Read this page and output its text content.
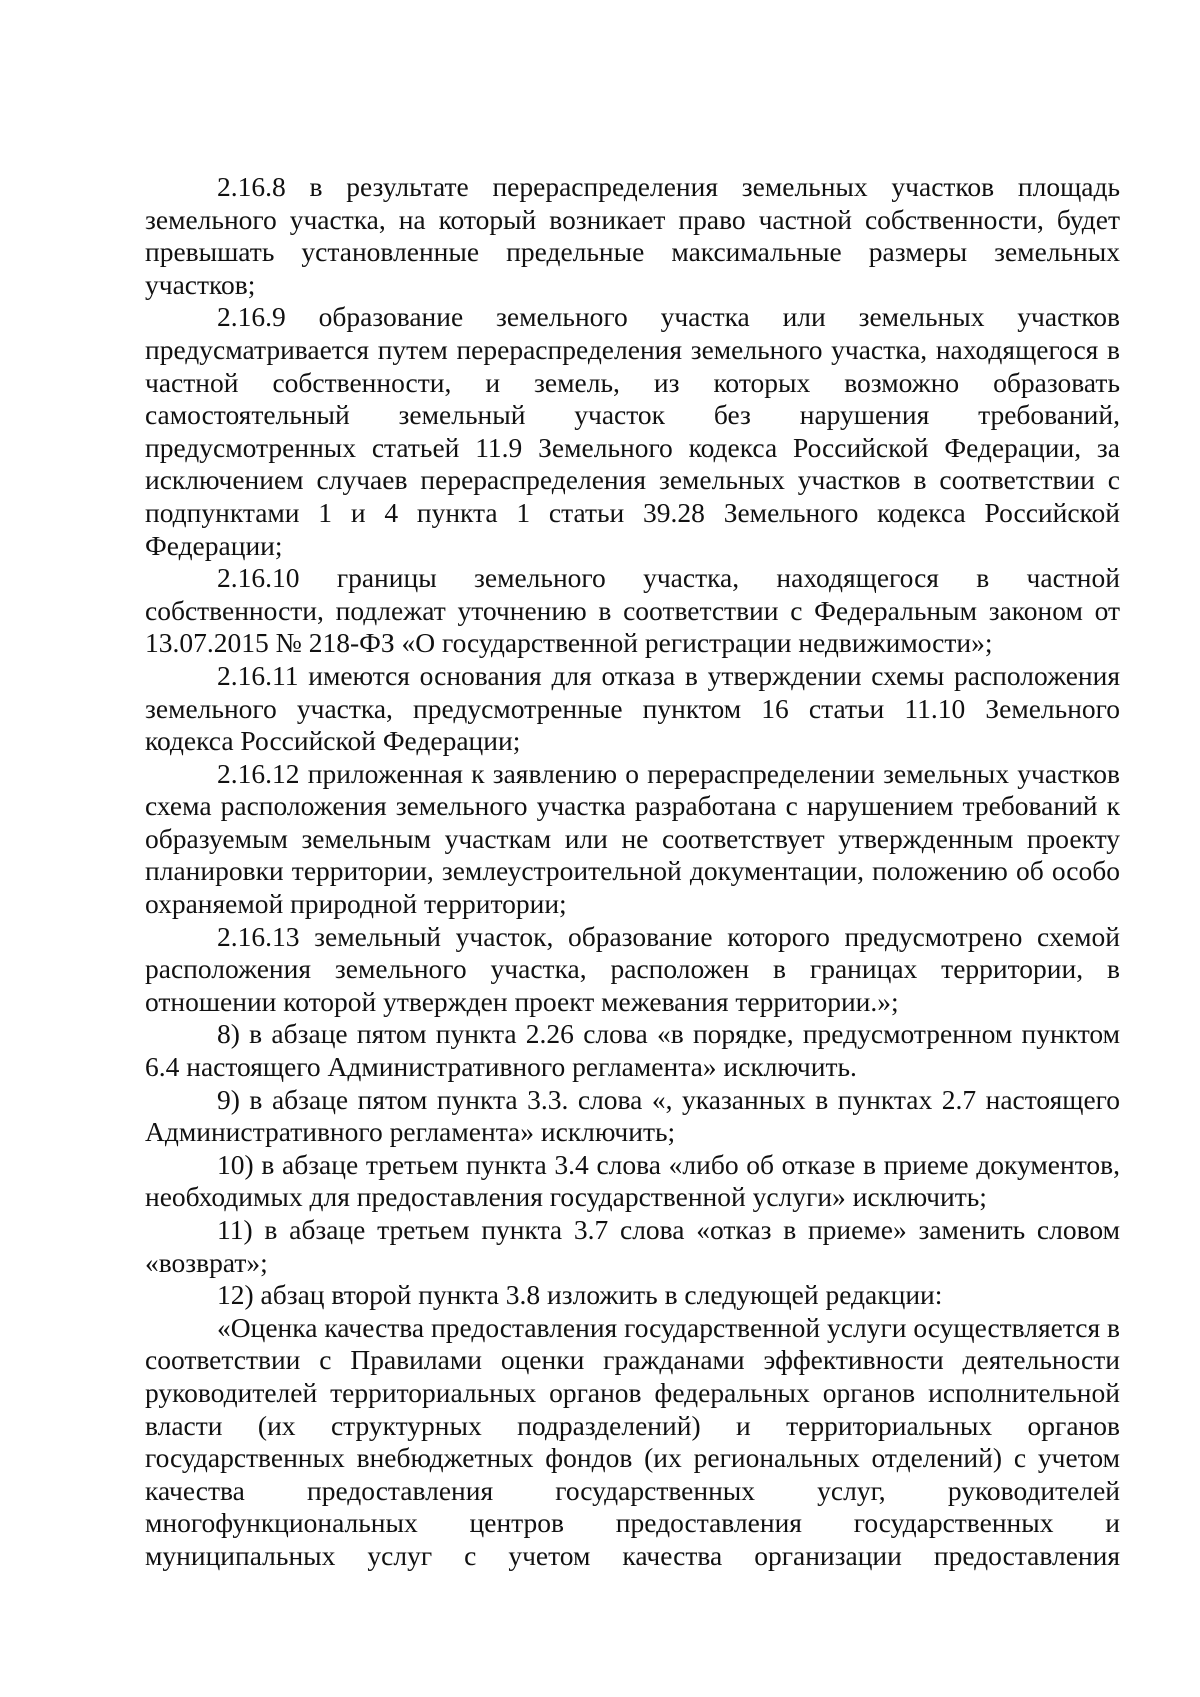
2.16.8 в результате перераспределения земельных участков площадь земельного участка, на который возникает право частной собственности, будет превышать установленные предельные максимальные размеры земельных участков;

2.16.9 образование земельного участка или земельных участков предусматривается путем перераспределения земельного участка, находящегося в частной собственности, и земель, из которых возможно образовать самостоятельный земельный участок без нарушения требований, предусмотренных статьей 11.9 Земельного кодекса Российской Федерации, за исключением случаев перераспределения земельных участков в соответствии с подпунктами 1 и 4 пункта 1 статьи 39.28 Земельного кодекса Российской Федерации;

2.16.10 границы земельного участка, находящегося в частной собственности, подлежат уточнению в соответствии с Федеральным законом от 13.07.2015 № 218-ФЗ «О государственной регистрации недвижимости»;

2.16.11 имеются основания для отказа в утверждении схемы расположения земельного участка, предусмотренные пунктом 16 статьи 11.10 Земельного кодекса Российской Федерации;

2.16.12 приложенная к заявлению о перераспределении земельных участков схема расположения земельного участка разработана с нарушением требований к образуемым земельным участкам или не соответствует утвержденным проекту планировки территории, землеустроительной документации, положению об особо охраняемой природной территории;

2.16.13 земельный участок, образование которого предусмотрено схемой расположения земельного участка, расположен в границах территории, в отношении которой утвержден проект межевания территории.»;

8) в абзаце пятом пункта 2.26 слова «в порядке, предусмотренном пунктом 6.4 настоящего Административного регламента» исключить.

9) в абзаце пятом пункта 3.3. слова «, указанных в пунктах 2.7 настоящего Административного регламента» исключить;

10) в абзаце третьем пункта 3.4 слова «либо об отказе в приеме документов, необходимых для предоставления государственной услуги» исключить;

11) в абзаце третьем пункта 3.7 слова «отказ в приеме» заменить словом «возврат»;

12) абзац второй пункта 3.8 изложить в следующей редакции:

«Оценка качества предоставления государственной услуги осуществляется в соответствии с Правилами оценки гражданами эффективности деятельности руководителей территориальных органов федеральных органов исполнительной власти (их структурных подразделений) и территориальных органов государственных внебюджетных фондов (их региональных отделений) с учетом качества предоставления государственных услуг, руководителей многофункциональных центров предоставления государственных и муниципальных услуг с учетом качества организации предоставления
